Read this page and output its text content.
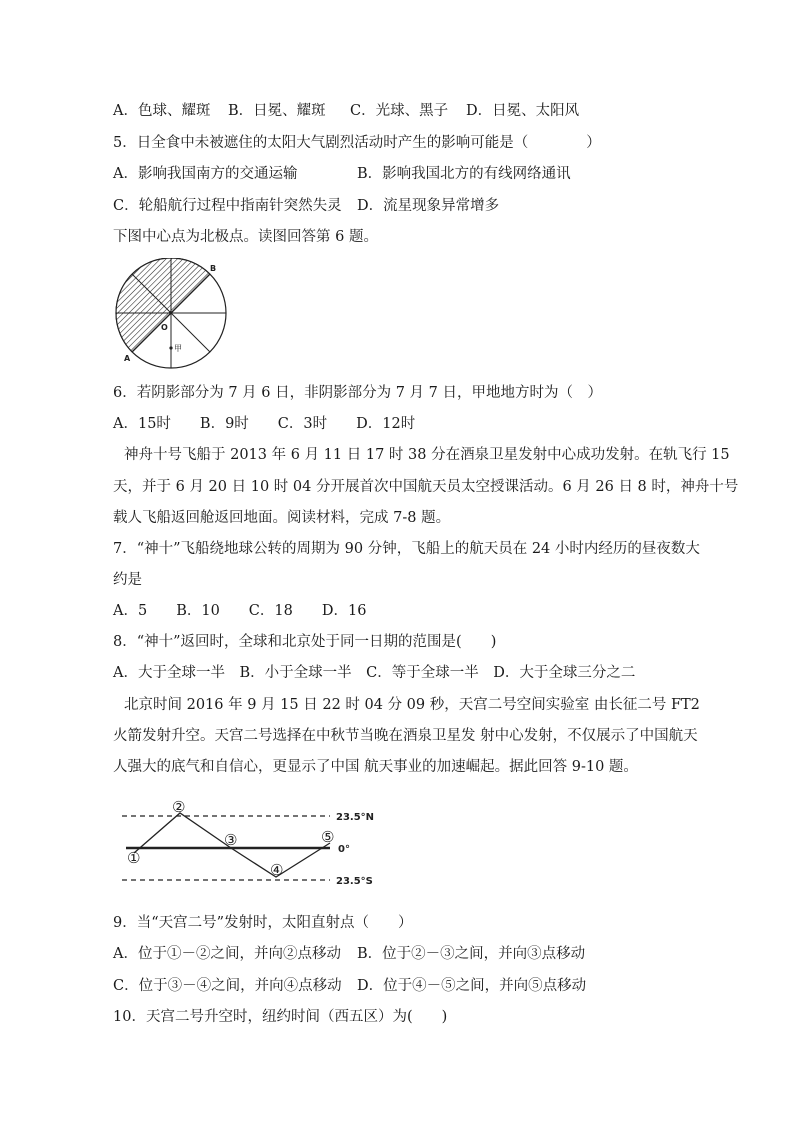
A．色球、耀斑 B．日冕、耀斑 C．光球、黑子 D．日冕、太阳风
5．日全食中未被遮住的太阳大气剧烈活动时产生的影响可能是（　　　　）
A．影响我国南方的交通运输	B．影响我国北方的有线网络通讯
C．轮船航行过程中指南针突然失灵 D．流星现象异常增多
下图中心点为北极点。读图回答第 6 题。
B
O
A
甲
6．若阴影部分为 7 月 6 日，非阴影部分为 7 月 7 日，甲地地方时为（　）
A．15时　　B．9时　　C．3时　　D．12时
神舟十号飞船于 2013 年 6 月 11 日 17 时 38 分在酒泉卫星发射中心成功发射。在轨飞行 15
天，并于 6 月 20 日 10 时 04 分开展首次中国航天员太空授课活动。6 月 26 日 8 时，神舟十号
载人飞船返回舱返回地面。阅读材料，完成 7-8 题。
7．“神十”飞船绕地球公转的周期为 90 分钟，飞船上的航天员在 24 小时内经历的昼夜数大
约是
A．5　　B．10　　C．18　　D．16
8．“神十”返回时，全球和北京处于同一日期的范围是(　　)
A．大于全球一半　B．小于全球一半　C．等于全球一半　D．大于全球三分之二
北京时间 2016 年 9 月 15 日 22 时 04 分 09 秒，天宫二号空间实验室 由长征二号 FT2
火箭发射升空。天宫二号选择在中秋节当晚在酒泉卫星发 射中心发射，不仅展示了中国航天
人强大的底气和自信心，更显示了中国 航天事业的加速崛起。据此回答 9-10 题。
23.5°N
0°
23.5°S
①
②
③
④
⑤
9．当“天宫二号”发射时，太阳直射点（　　）
A．位于①－②之间，并向②点移动 B．位于②－③之间，并向③点移动
C．位于③－④之间，并向④点移动 D．位于④－⑤之间，并向⑤点移动
10．天宫二号升空时，纽约时间（西五区）为(　　)
